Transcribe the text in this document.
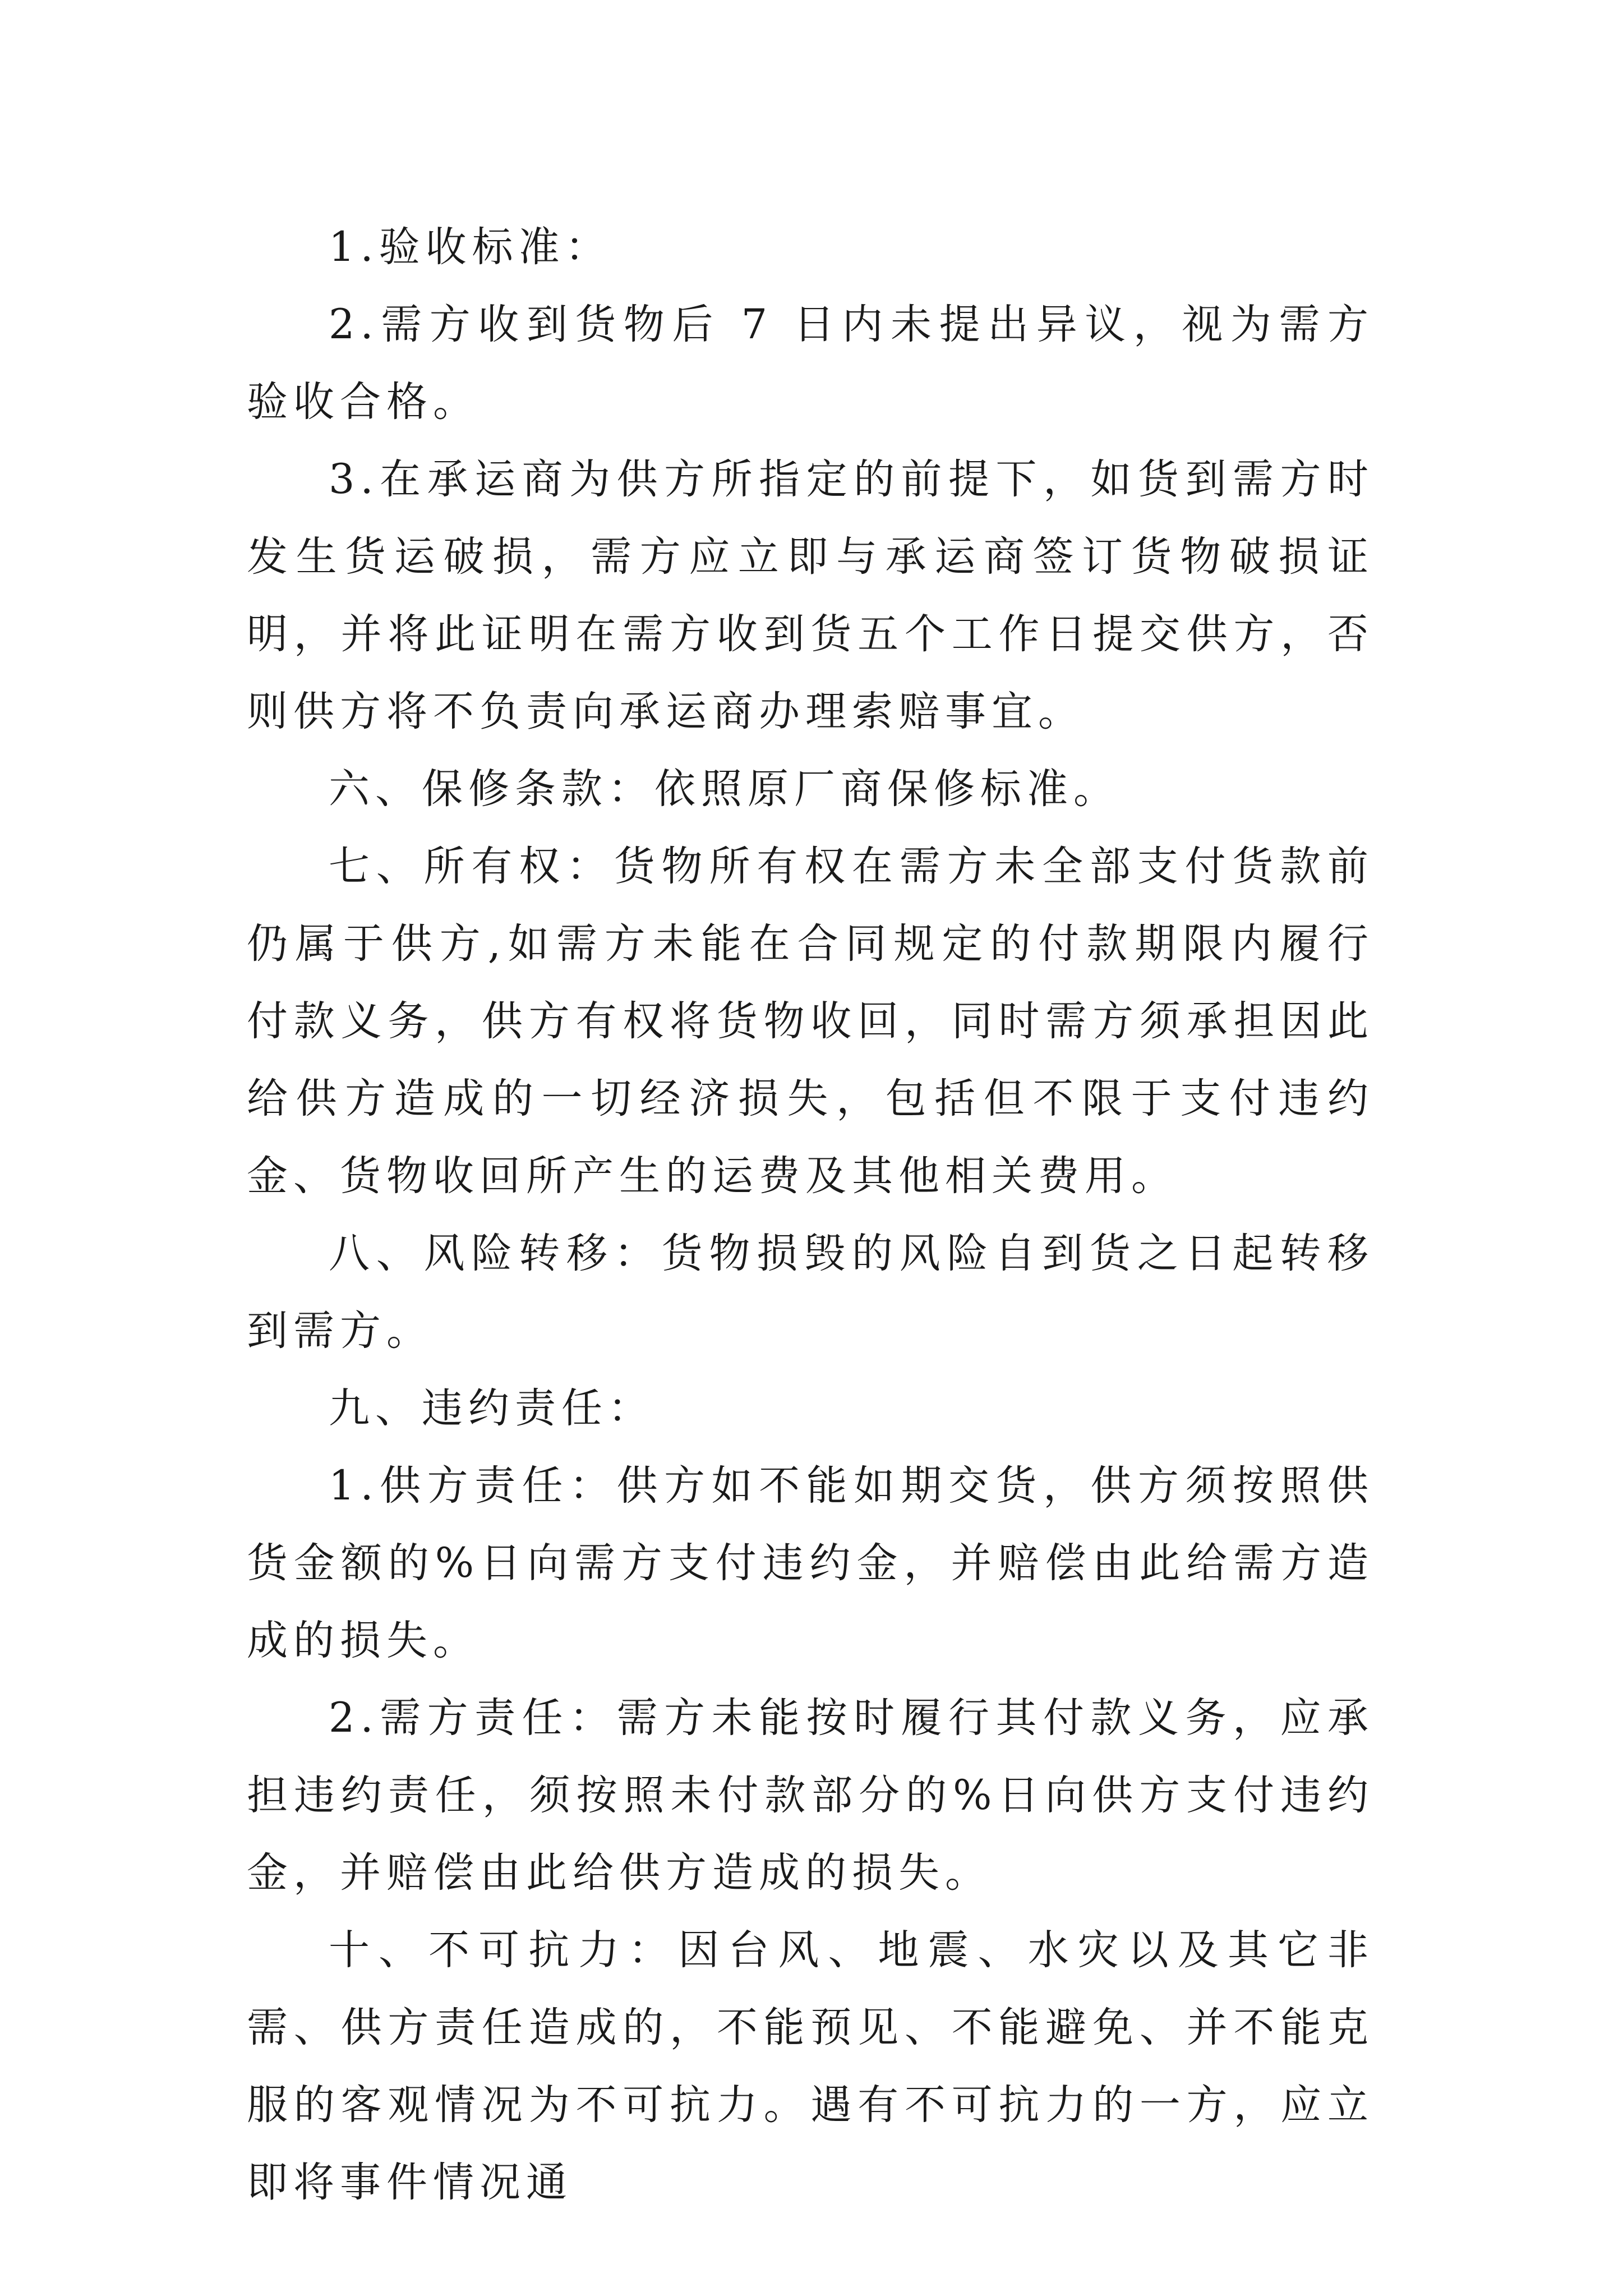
1.验收标准：

2.需方收到货物后 7 日内未提出异议，视为需方验收合格。

3.在承运商为供方所指定的前提下，如货到需方时发生货运破损，需方应立即与承运商签订货物破损证明，并将此证明在需方收到货五个工作日提交供方，否则供方将不负责向承运商办理索赔事宜。

六、保修条款：依照原厂商保修标准。

七、所有权：货物所有权在需方未全部支付货款前仍属于供方,如需方未能在合同规定的付款期限内履行付款义务，供方有权将货物收回，同时需方须承担因此给供方造成的一切经济损失，包括但不限于支付违约金、货物收回所产生的运费及其他相关费用。

八、风险转移：货物损毁的风险自到货之日起转移到需方。

九、违约责任：

1.供方责任：供方如不能如期交货，供方须按照供货金额的%日向需方支付违约金，并赔偿由此给需方造成的损失。

2.需方责任：需方未能按时履行其付款义务，应承担违约责任，须按照未付款部分的%日向供方支付违约金，并赔偿由此给供方造成的损失。

十、不可抗力：因台风、地震、水灾以及其它非需、供方责任造成的，不能预见、不能避免、并不能克服的客观情况为不可抗力。遇有不可抗力的一方，应立即将事件情况通
